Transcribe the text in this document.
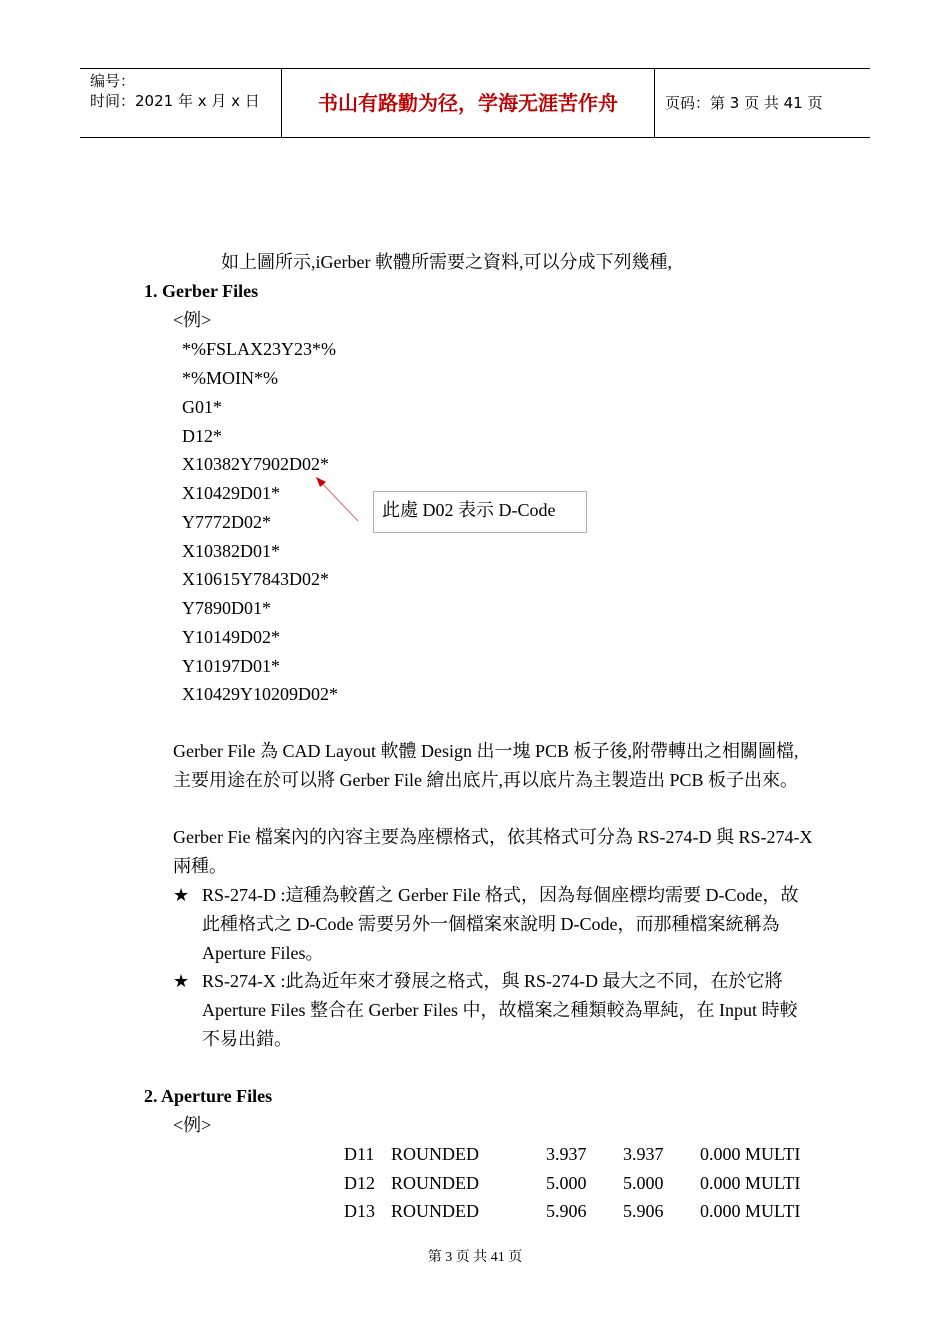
编号：
时间：2021 年 x 月 x 日	书山有路勤为径，学海无涯苦作舟	页码：第 3 页 共 41 页
如上圖所示,iGerber 軟體所需要之資料,可以分成下列幾種,
1. Gerber Files
<例>
*%FSLAX23Y23*%
*%MOIN*%
G01*
D12*
X10382Y7902D02*
X10429D01*
Y7772D02*
X10382D01*
X10615Y7843D02*
Y7890D01*
Y10149D02*
Y10197D01*
X10429Y10209D02*
此處 D02 表示 D-Code
Gerber File 為 CAD Layout 軟體 Design 出一塊 PCB 板子後,附帶轉出之相關圖檔,主要用途在於可以將 Gerber File 繪出底片,再以底片為主製造出 PCB 板子出來。
Gerber Fie 檔案內的內容主要為座標格式，依其格式可分為 RS-274-D 與 RS-274-X 兩種。
★ RS-274-D :這種為較舊之 Gerber File 格式，因為每個座標均需要 D-Code，故此種格式之 D-Code 需要另外一個檔案來說明 D-Code，而那種檔案統稱為 Aperture Files。
★ RS-274-X :此為近年來才發展之格式，與 RS-274-D 最大之不同，在於它將 Aperture Files 整合在 Gerber Files 中，故檔案之種類較為單純，在 Input 時較不易出錯。
2. Aperture Files
<例>
D11 ROUNDED	3.937 3.937 0.000 MULTI
D12 ROUNDED	5.000 5.000 0.000 MULTI
D13 ROUNDED	5.906 5.906 0.000 MULTI
第 3 页 共 41 页
